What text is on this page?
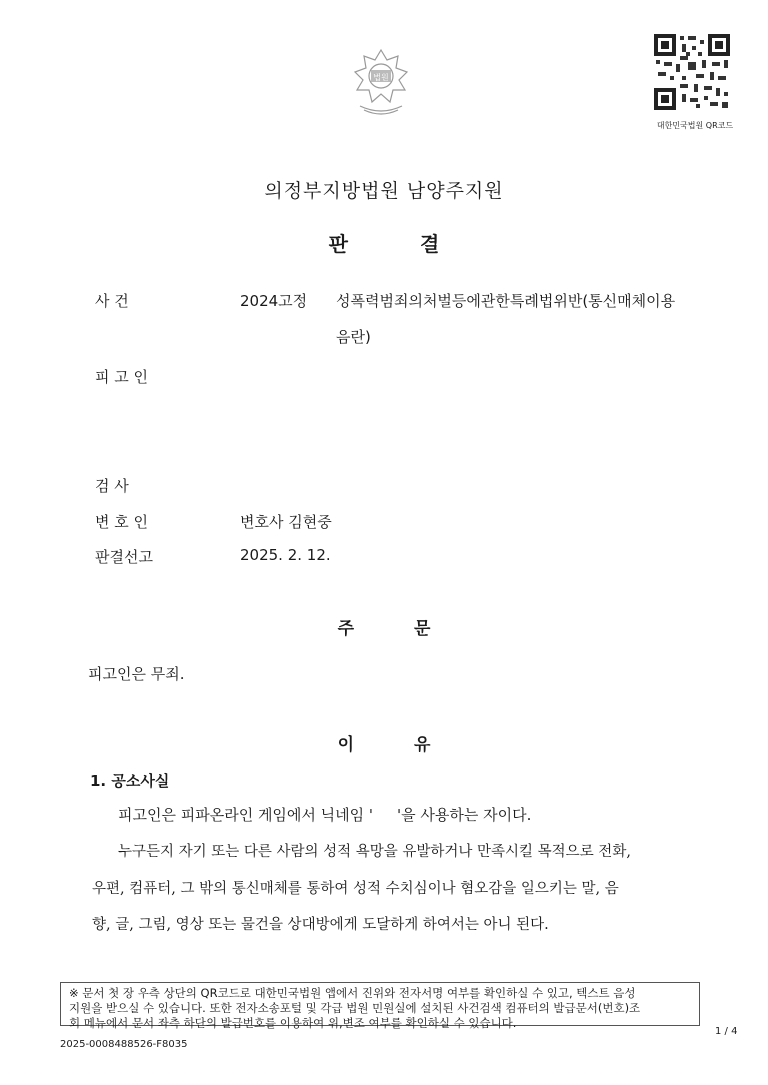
법원
대한민국법원 QR코드
의정부지방법원 남양주지원
판	결
사 건	2024고정 성폭력범죄의처벌등에관한특례법위반(통신매체이용
음란)
피 고 인
검 사
변 호 인	변호사 김현중
판결선고	2025. 2. 12.
주	문
피고인은 무죄.
이	유
1. 공소사실
피고인은 피파온라인 게임에서 닉네임 ' '을 사용하는 자이다.
누구든지 자기 또는 다른 사람의 성적 욕망을 유발하거나 만족시킬 목적으로 전화,
우편, 컴퓨터, 그 밖의 통신매체를 통하여 성적 수치심이나 혐오감을 일으키는 말, 음
향, 글, 그림, 영상 또는 물건을 상대방에게 도달하게 하여서는 아니 된다.
※ 문서 첫 장 우측 상단의 QR코드로 대한민국법원 앱에서 진위와 전자서명 여부를 확인하실 수 있고, 텍스트 음성
지원을 받으실 수 있습니다. 또한 전자소송포털 및 각급 법원 민원실에 설치된 사건검색 컴퓨터의 발급문서(번호)조
회 메뉴에서 문서 좌측 하단의 발급번호를 이용하여 위,변조 여부를 확인하실 수 있습니다.
1 / 4
2025-0008488526-F8035
